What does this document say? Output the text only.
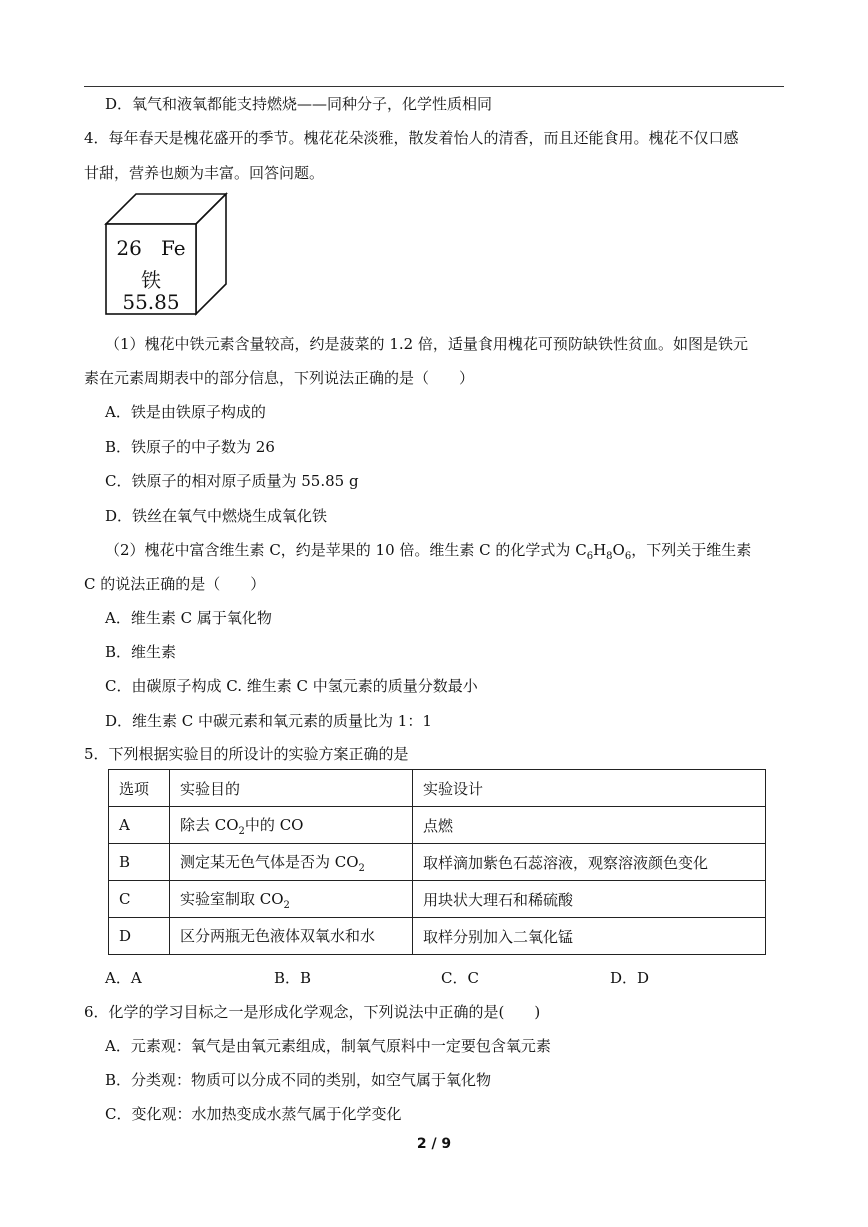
D．氧气和液氧都能支持燃烧——同种分子，化学性质相同
4．每年春天是槐花盛开的季节。槐花花朵淡雅，散发着怡人的清香，而且还能食用。槐花不仅口感
甘甜，营养也颇为丰富。回答问题。
26 Fe
铁
55.85
（1）槐花中铁元素含量较高，约是菠菜的 1.2 倍，适量食用槐花可预防缺铁性贫血。如图是铁元
素在元素周期表中的部分信息，下列说法正确的是（　　）
A．铁是由铁原子构成的
B．铁原子的中子数为 26
C．铁原子的相对原子质量为 55.85 g
D．铁丝在氧气中燃烧生成氧化铁
（2）槐花中富含维生素 C，约是苹果的 10 倍。维生素 C 的化学式为 $C_6H_8O_6$，下列关于维生素
C 的说法正确的是（　　）
A．维生素 C 属于氧化物
B．维生素
C．由碳原子构成 C. 维生素 C 中氢元素的质量分数最小
D．维生素 C 中碳元素和氧元素的质量比为 1：1
5．下列根据实验目的所设计的实验方案正确的是
选项	实验目的	实验设计
A	除去 $CO_2$中的 CO	点燃
B	测定某无色气体是否为 $CO_2$	取样滴加紫色石蕊溶液，观察溶液颜色变化
C	实验室制取 $CO_2$	用块状大理石和稀硫酸
D	区分两瓶无色液体双氧水和水	取样分别加入二氧化锰
A．A	B．B	C．C	D．D
6．化学的学习目标之一是形成化学观念，下列说法中正确的是(　　)
A．元素观：氧气是由氧元素组成，制氧气原料中一定要包含氧元素
B．分类观：物质可以分成不同的类别，如空气属于氧化物
C．变化观：水加热变成水蒸气属于化学变化
2 / 9
